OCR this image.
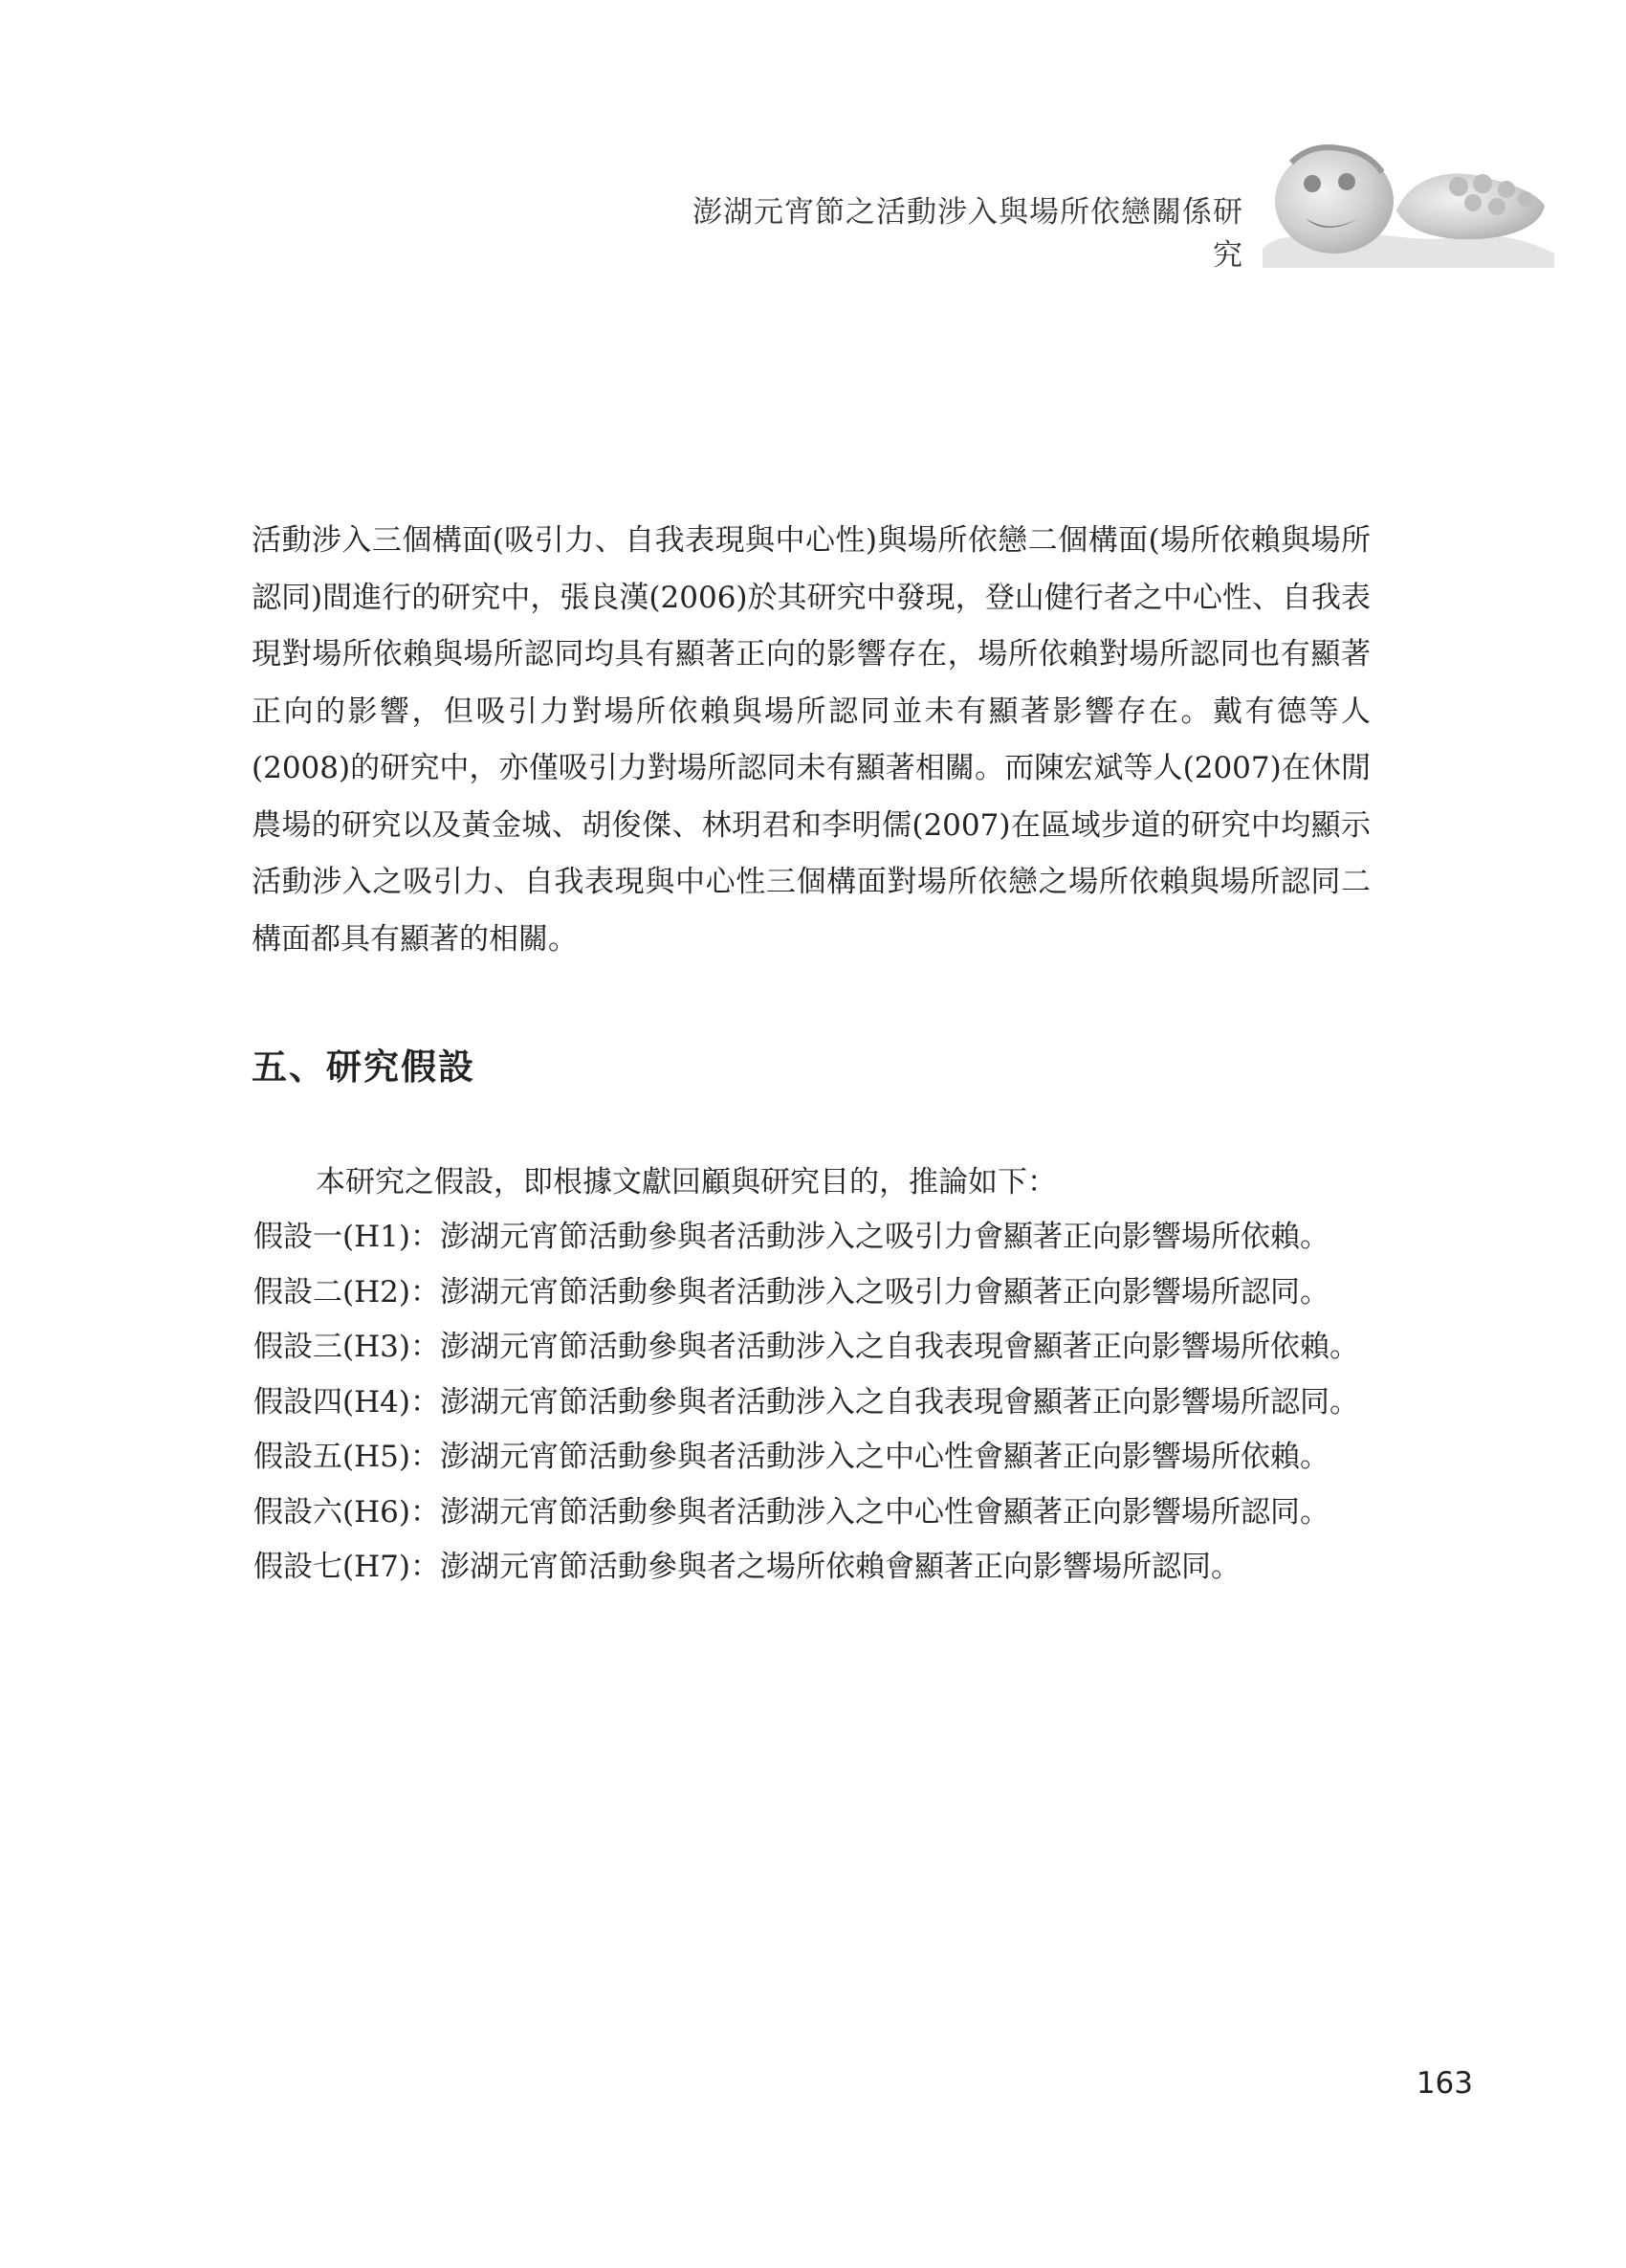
澎湖元宵節之活動涉入與場所依戀關係研究

活動涉入三個構面(吸引力、自我表現與中心性)與場所依戀二個構面(場所依賴與場所認同)間進行的研究中，張良漢(2006)於其研究中發現，登山健行者之中心性、自我表現對場所依賴與場所認同均具有顯著正向的影響存在，場所依賴對場所認同也有顯著正向的影響，但吸引力對場所依賴與場所認同並未有顯著影響存在。戴有德等人(2008)的研究中，亦僅吸引力對場所認同未有顯著相關。而陳宏斌等人(2007)在休閒農場的研究以及黃金城、胡俊傑、林玥君和李明儒(2007)在區域步道的研究中均顯示活動涉入之吸引力、自我表現與中心性三個構面對場所依戀之場所依賴與場所認同二構面都具有顯著的相關。

五、研究假設

本研究之假設，即根據文獻回顧與研究目的，推論如下：

假設一(H1)：澎湖元宵節活動參與者活動涉入之吸引力會顯著正向影響場所依賴。
假設二(H2)：澎湖元宵節活動參與者活動涉入之吸引力會顯著正向影響場所認同。
假設三(H3)：澎湖元宵節活動參與者活動涉入之自我表現會顯著正向影響場所依賴。
假設四(H4)：澎湖元宵節活動參與者活動涉入之自我表現會顯著正向影響場所認同。
假設五(H5)：澎湖元宵節活動參與者活動涉入之中心性會顯著正向影響場所依賴。
假設六(H6)：澎湖元宵節活動參與者活動涉入之中心性會顯著正向影響場所認同。
假設七(H7)：澎湖元宵節活動參與者之場所依賴會顯著正向影響場所認同。
163
